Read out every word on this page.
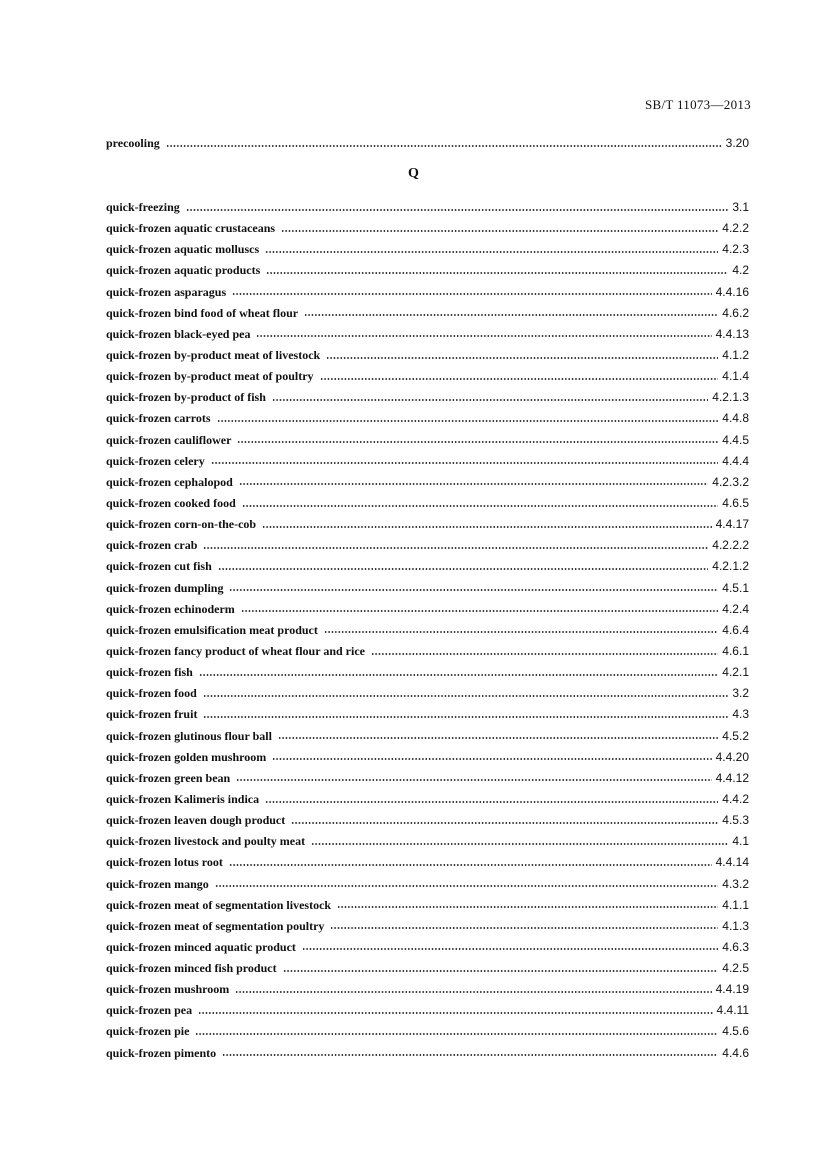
SB/T 11073—2013
precooling	3.20
Q
quick-freezing	3.1
quick-frozen aquatic crustaceans	4.2.2
quick-frozen aquatic molluscs	4.2.3
quick-frozen aquatic products	4.2
quick-frozen asparagus	4.4.16
quick-frozen bind food of wheat flour	4.6.2
quick-frozen black-eyed pea	4.4.13
quick-frozen by-product meat of livestock	4.1.2
quick-frozen by-product meat of poultry	4.1.4
quick-frozen by-product of fish	4.2.1.3
quick-frozen carrots	4.4.8
quick-frozen cauliflower	4.4.5
quick-frozen celery	4.4.4
quick-frozen cephalopod	4.2.3.2
quick-frozen cooked food	4.6.5
quick-frozen corn-on-the-cob	4.4.17
quick-frozen crab	4.2.2.2
quick-frozen cut fish	4.2.1.2
quick-frozen dumpling	4.5.1
quick-frozen echinoderm	4.2.4
quick-frozen emulsification meat product	4.6.4
quick-frozen fancy product of wheat flour and rice	4.6.1
quick-frozen fish	4.2.1
quick-frozen food	3.2
quick-frozen fruit	4.3
quick-frozen glutinous flour ball	4.5.2
quick-frozen golden mushroom	4.4.20
quick-frozen green bean	4.4.12
quick-frozen Kalimeris indica	4.4.2
quick-frozen leaven dough product	4.5.3
quick-frozen livestock and poulty meat	4.1
quick-frozen lotus root	4.4.14
quick-frozen mango	4.3.2
quick-frozen meat of segmentation livestock	4.1.1
quick-frozen meat of segmentation poultry	4.1.3
quick-frozen minced aquatic product	4.6.3
quick-frozen minced fish product	4.2.5
quick-frozen mushroom	4.4.19
quick-frozen pea	4.4.11
quick-frozen pie	4.5.6
quick-frozen pimento	4.4.6
